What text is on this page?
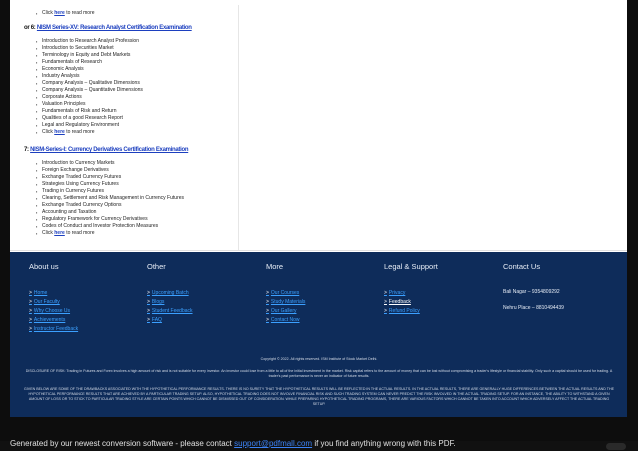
▪ Click here to read more
or 6: NISM Series-XV: Research Analyst Certification Examination
▪ Introduction to Research Analyst Profession
▪ Introduction to Securities Market
▪ Terminology in Equity and Debt Markets
▪ Fundamentals of Research
▪ Economic Analysis
▪ Industry Analysis
▪ Company Analysis – Qualitative Dimensions
▪ Company Analysis – Quantitative Dimensions
▪ Corporate Actions
▪ Valuation Principles
▪ Fundamentals of Risk and Return
▪ Qualities of a good Research Report
▪ Legal and Regulatory Environment
▪ Click here to read more
7: NISM-Series-I: Currency Derivatives Certification Examination
▪ Introduction to Currency Markets
▪ Foreign Exchange Derivatives
▪ Exchange Traded Currency Futures
▪ Strategies Using Currency Futures
▪ Trading in Currency Futures
▪ Clearing, Settlement and Risk Management in Currency Futures
▪ Exchange Traded Currency Options
▪ Accounting and Taxation
▪ Regulatory Framework for Currency Derivatives
▪ Codes of Conduct and Investor Protection Measures
▪ Click here to read more
About us
> Home
> Our Faculty
> Why Choose Us
> Achievements
> Instructor Feedback
Other
> Upcoming Batch
> Blogs
> Student Feedback
> FAQ
More
> Our Courses
> Study Materials
> Our Gallery
> Contact Now
Legal & Support
> Privacy
> Feedback
> Refund Policy
Contact Us
Bali Nagar – 9354809292
Nehru Place – 8810494439
Copyright © 2022. All rights reserved. ISM Institute of Stock Market Delhi.
DISCLOSURE OF RISK: Trading in Futures and Forex involves a high amount of risk and is not suitable for every investor. An investor could lose from a little to all of the initial investment in the market. Risk capital refers to the amount of money that can be lost without compromising a trader's lifestyle or financial stability. Only such a capital should be used for trading. A trader's past performance is never an indicator of future results.
GIVEN BELOW ARE SOME OF THE DRAWBACKS ASSOCIATED WITH THE HYPOTHETICAL PERFORMANCE RESULTS. THERE IS NO SURETY THAT THE HYPOTHETICAL RESULTS WILL BE REFLECTED IN THE ACTUAL RESULTS. IN THE ACTUAL RESULTS, THERE ARE GENERALLY HUGE DIFFERENCES BETWEEN THE ACTUAL RESULTS AND THE HYPOTHETICAL PERFORMANCE RESULTS THAT ARE ACHIEVED BY A PARTICULAR TRADING SETUP. ALSO, HYPOTHETICAL TRADING DOES NOT INVOLVE FINANCIAL RISK AND SUCH TRADING SYSTEM CAN NEVER PREDICT THE RISK INVOLVED IN THE ACTUAL TRADING SETUP. FOR AN INSTANCE, THE ABILITY TO WITHSTAND A GIVEN AMOUNT OF LOSS OR TO STICK TO PARTICULAR TRADING STYLE ARE CERTAIN POINTS WHICH CANNOT BE DISMISSED OUT OF CONSIDERATION. WHILE PREPARING HYPOTHETICAL TRADING PROGRAMS, THERE ARE VARIOUS FACTORS WHICH CANNOT BE TAKEN INTO ACCOUNT WHICH ADVERSELY AFFECT THE ACTUAL TRADING SETUP.
Generated by our newest conversion software - please contact support@pdfmall.com if you find anything wrong with this PDF.
